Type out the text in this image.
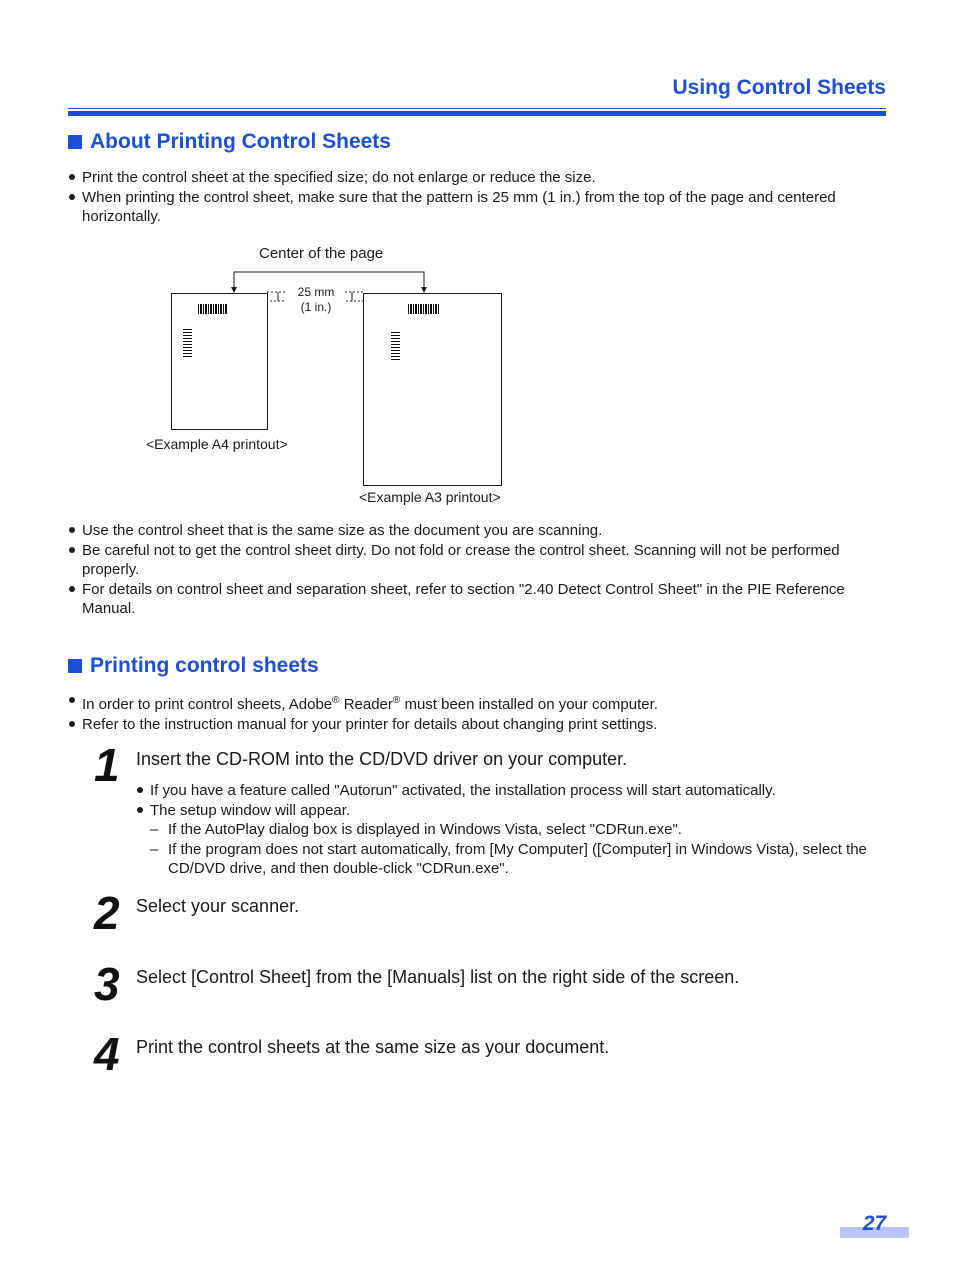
Using Control Sheets
About Printing Control Sheets
Print the control sheet at the specified size; do not enlarge or reduce the size.
When printing the control sheet, make sure that the pattern is 25 mm (1 in.) from the top of the page and centered horizontally.
Center of the page
25 mm
(1 in.)
<Example A4 printout>
<Example A3 printout>
Use the control sheet that is the same size as the document you are scanning.
Be careful not to get the control sheet dirty. Do not fold or crease the control sheet. Scanning will not be performed properly.
For details on control sheet and separation sheet, refer to section "2.40 Detect Control Sheet" in the PIE Reference Manual.
Printing control sheets
In order to print control sheets, Adobe® Reader® must been installed on your computer.
Refer to the instruction manual for your printer for details about changing print settings.
1 Insert the CD-ROM into the CD/DVD driver on your computer.
If you have a feature called "Autorun" activated, the installation process will start automatically.
The setup window will appear.
– If the AutoPlay dialog box is displayed in Windows Vista, select "CDRun.exe".
– If the program does not start automatically, from [My Computer] ([Computer] in Windows Vista), select the CD/DVD drive, and then double-click "CDRun.exe".
2 Select your scanner.
3 Select [Control Sheet] from the [Manuals] list on the right side of the screen.
4 Print the control sheets at the same size as your document.
27
